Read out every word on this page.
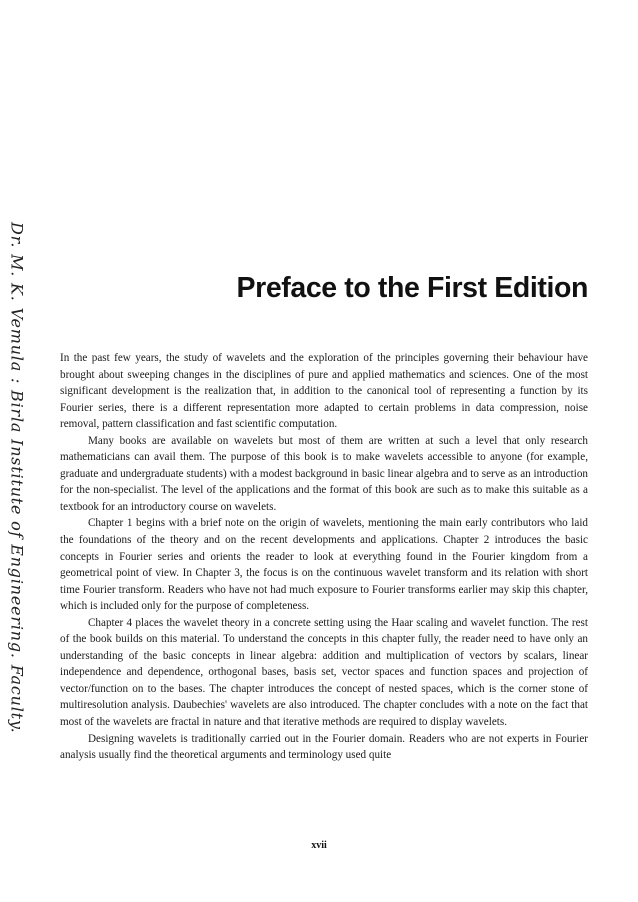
Dr. M. K. Vemula : Birla Institute of Engineering. Faculty.	Preface to the First Edition

In the past few years, the study of wavelets and the exploration of the principles governing their behaviour have brought about sweeping changes in the disciplines of pure and applied mathematics and sciences. One of the most significant development is the realization that, in addition to the canonical tool of representing a function by its Fourier series, there is a different representation more adapted to certain problems in data compression, noise removal, pattern classification and fast scientific computation.

Many books are available on wavelets but most of them are written at such a level that only research mathematicians can avail them. The purpose of this book is to make wavelets accessible to anyone (for example, graduate and undergraduate students) with a modest background in basic linear algebra and to serve as an introduction for the non-specialist. The level of the applications and the format of this book are such as to make this suitable as a textbook for an introductory course on wavelets.

Chapter 1 begins with a brief note on the origin of wavelets, mentioning the main early contributors who laid the foundations of the theory and on the recent developments and applications. Chapter 2 introduces the basic concepts in Fourier series and orients the reader to look at everything found in the Fourier kingdom from a geometrical point of view. In Chapter 3, the focus is on the continuous wavelet transform and its relation with short time Fourier transform. Readers who have not had much exposure to Fourier transforms earlier may skip this chapter, which is included only for the purpose of completeness.

Chapter 4 places the wavelet theory in a concrete setting using the Haar scaling and wavelet function. The rest of the book builds on this material. To understand the concepts in this chapter fully, the reader need to have only an understanding of the basic concepts in linear algebra: addition and multiplication of vectors by scalars, linear independence and dependence, orthogonal bases, basis set, vector spaces and function spaces and projection of vector/function on to the bases. The chapter introduces the concept of nested spaces, which is the corner stone of multiresolution analysis. Daubechies' wavelets are also introduced. The chapter concludes with a note on the fact that most of the wavelets are fractal in nature and that iterative methods are required to display wavelets.

Designing wavelets is traditionally carried out in the Fourier domain. Readers who are not experts in Fourier analysis usually find the theoretical arguments and terminology used quite

xvii
